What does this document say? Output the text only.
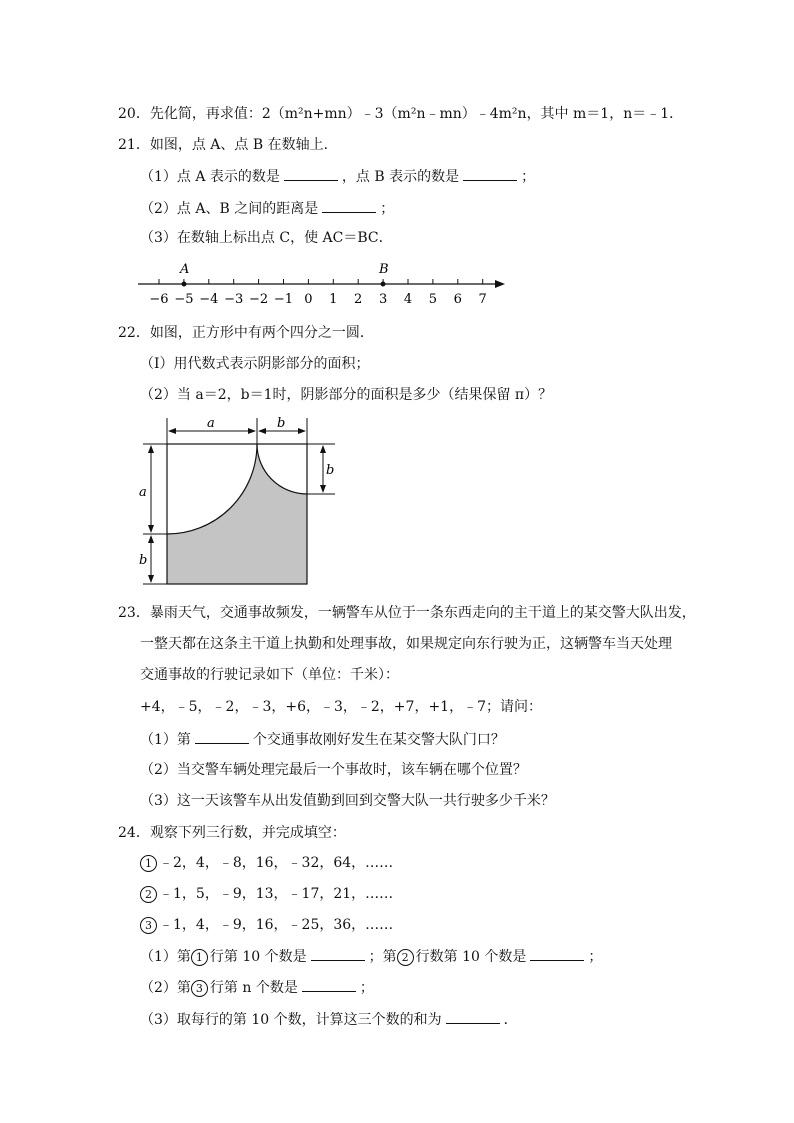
20．先化简，再求值：2（m²n+mn）﹣3（m²n﹣mn）﹣4m²n，其中 m＝1，n＝﹣1．
21．如图，点 A、点 B 在数轴上．
（1）点 A 表示的数是	，点 B 表示的数是	；
（2）点 A、B 之间的距离是	；
（3）在数轴上标出点 C，使 AC＝BC．
−6 −5 −4 −3 −2 −1 0 1 2 3 4 5 6 7
A	B
22．如图，正方形中有两个四分之一圆．
（I）用代数式表示阴影部分的面积；
（2）当 a＝2，b＝1时，阴影部分的面积是多少（结果保留 π）？
a	b
b
a
b
23．暴雨天气，交通事故频发，一辆警车从位于一条东西走向的主干道上的某交警大队出发，
一整天都在这条主干道上执勤和处理事故，如果规定向东行驶为正，这辆警车当天处理
交通事故的行驶记录如下（单位：千米）：
+4，﹣5，﹣2，﹣3，+6，﹣3，﹣2，+7，+1，﹣7；请问：
（1）第	个交通事故刚好发生在某交警大队门口？
（2）当交警车辆处理完最后一个事故时，该车辆在哪个位置？
（3）这一天该警车从出发值勤到回到交警大队一共行驶多少千米？
24．观察下列三行数，并完成填空：
1 ﹣2，4，﹣8，16，﹣32，64，……
2 ﹣1，5，﹣9，13，﹣17，21，……
3 ﹣1，4，﹣9，16，﹣25，36，……
（1）第 1 行第 10 个数是	；第 2 行数第 10 个数是	；
（2）第 3 行第 n 个数是	；
（3）取每行的第 10 个数，计算这三个数的和为	．
